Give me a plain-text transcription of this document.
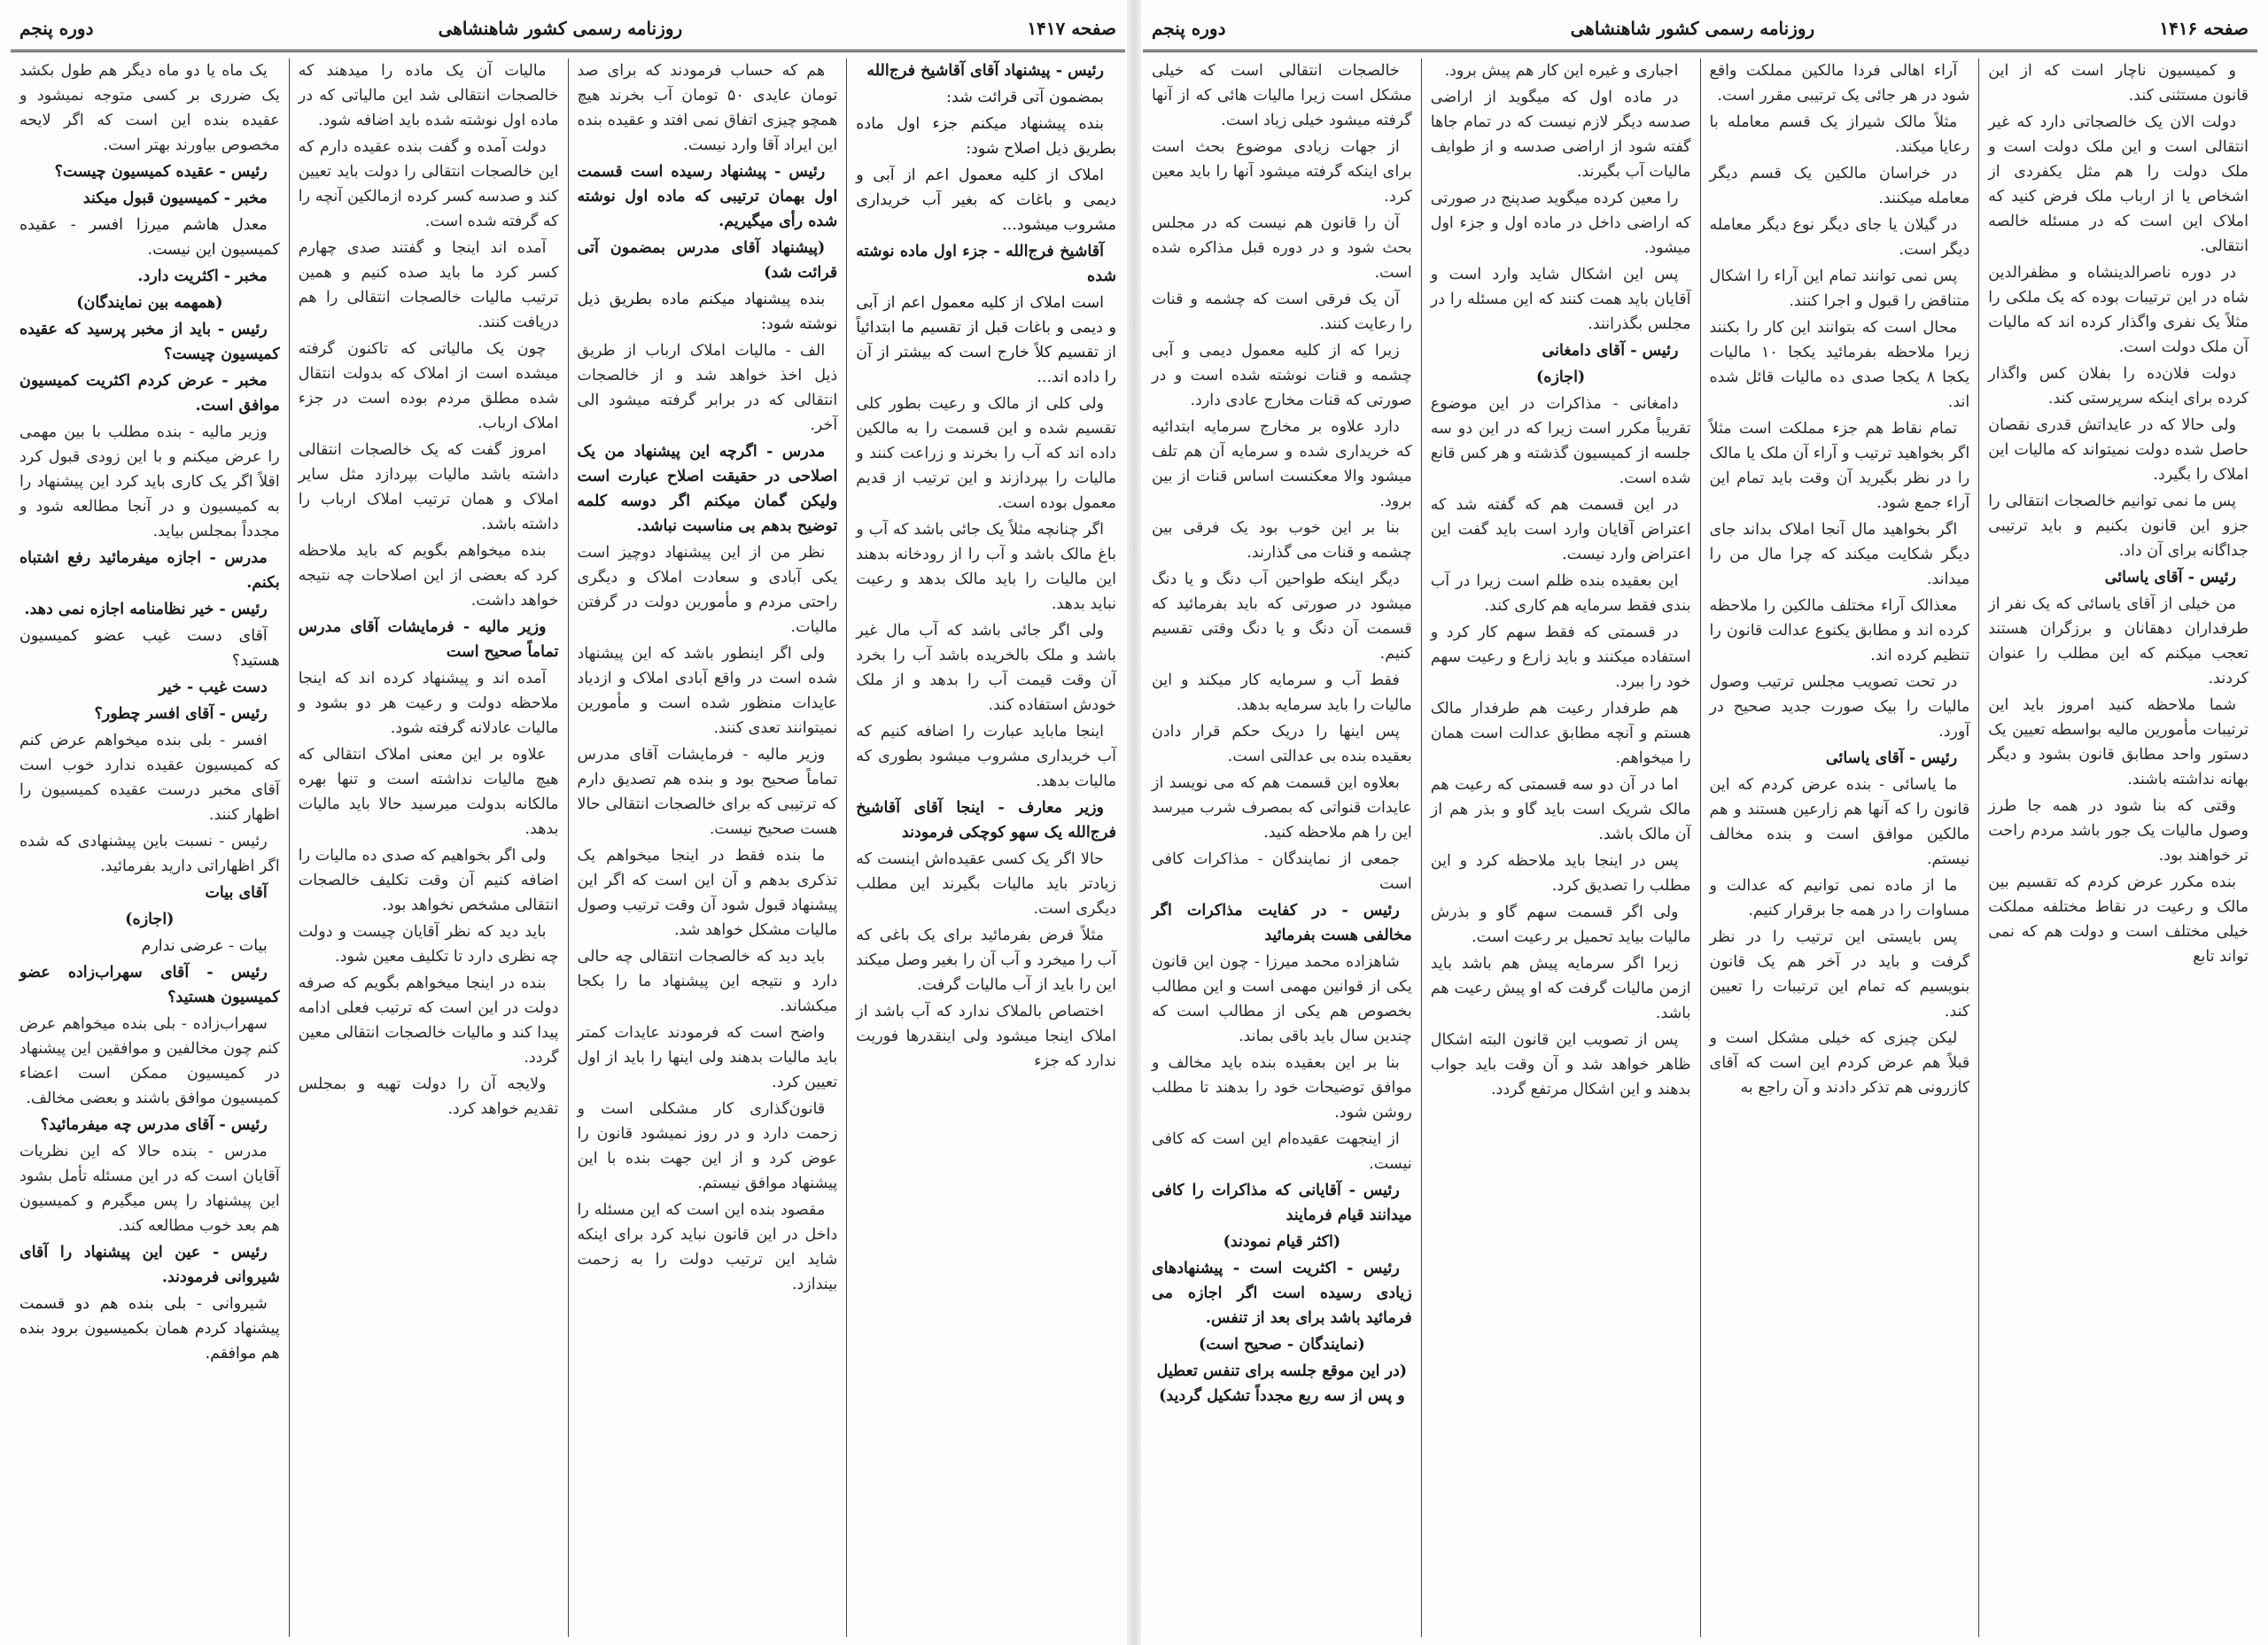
صفحه ۱۴۱۷
روزنامه رسمی کشور شاهنشاهی
دوره پنجم

رئیس - پیشنهاد آقای آقاشیخ فرج‌الله

بمضمون آتی قرائت شد:

بنده پیشنهاد میکنم جزء اول ماده بطریق ذیل اصلاح شود:

املاک از کلیه معمول اعم از آبی و دیمی و باغات که بغیر آب خریداری مشروب میشود...

آقاشیخ فرج‌الله - جزء اول ماده نوشته شده

است املاک از کلیه معمول اعم از آبی و دیمی و باغات قبل از تقسیم ما ابتدائیاً از تقسیم کلاً خارج است که بیشتر از آن را داده اند...

ولی کلی از مالک و رعیت بطور کلی تقسیم شده و این قسمت را به مالکین داده اند که آب را بخرند و زراعت کنند و مالیات را بپردازند و این ترتیب از قدیم معمول بوده است.

اگر چنانچه مثلاً یک جائی باشد که آب و باغ مالک باشد و آب را از رودخانه بدهند این مالیات را باید مالک بدهد و رعیت نباید بدهد.

ولی اگر جائی باشد که آب مال غیر باشد و ملک بالخریده باشد آب را بخرد آن وقت قیمت آب را بدهد و از ملک خودش استفاده کند.

اینجا ماباید عبارت را اضافه کنیم که آب خریداری مشروب میشود بطوری که مالیات بدهد.

وزیر معارف - اینجا آقای آقاشیخ فرج‌الله یک سهو کوچکی فرمودند

حالا اگر یک کسی عقیده‌اش اینست که زیادتر باید مالیات بگیرند این مطلب دیگری است.

مثلاً فرض بفرمائید برای یک باغی که آب را میخرد و آب آن را بغیر وصل میکند این را باید از آب مالیات گرفت.

اختصاص بالملاک ندارد که آب باشد از املاک اینجا میشود ولی اینقدرها فوریت ندارد که جزء

هم که حساب فرمودند که برای صد تومان عایدی ۵۰ تومان آب بخرند هیچ همچو چیزی اتفاق نمی افتد و عقیده بنده این ایراد آقا وارد نیست.

رئیس - پیشنهاد رسیده است قسمت اول بهمان ترتیبی که ماده اول نوشته شده رأی میگیریم.

(پیشنهاد آقای مدرس بمضمون آتی قرائت شد)

بنده پیشنهاد میکنم ماده بطریق ذیل نوشته شود:

الف - مالیات املاک ارباب از طریق ذیل اخذ خواهد شد و از خالصجات انتقالی که در برابر گرفته میشود الی آخر.

مدرس - اگرچه این پیشنهاد من یک اصلاحی در حقیقت اصلاح عبارت است ولیکن گمان میکنم اگر دوسه کلمه توضیح بدهم بی مناسبت نباشد.

نظر من از این پیشنهاد دوچیز است یکی آبادی و سعادت املاک و دیگری راحتی مردم و مأمورین دولت در گرفتن مالیات.

ولی اگر اینطور باشد که این پیشنهاد شده است در واقع آبادی املاک و ازدیاد عایدات منظور شده است و مأمورین نمیتوانند تعدی کنند.

وزیر مالیه - فرمایشات آقای مدرس تماماً صحیح بود و بنده هم تصدیق دارم که ترتیبی که برای خالصجات انتقالی حالا هست صحیح نیست.

ما بنده فقط در اینجا میخواهم یک تذکری بدهم و آن این است که اگر این پیشنهاد قبول شود آن وقت ترتیب وصول مالیات مشکل خواهد شد.

باید دید که خالصجات انتقالی چه حالی دارد و نتیجه این پیشنهاد ما را بکجا میکشاند.

واضح است که فرمودند عایدات کمتر باید مالیات بدهند ولی اینها را باید از اول تعیین کرد.

قانون‌گذاری کار مشکلی است و زحمت دارد و در روز نمیشود قانون را عوض کرد و از این جهت بنده با این پیشنهاد موافق نیستم.

مقصود بنده این است که این مسئله را داخل در این قانون نباید کرد برای اینکه شاید این ترتیب دولت را به زحمت بیندازد.

مالیات آن یک ماده را میدهند که خالصجات انتقالی شد این مالیاتی که در ماده اول نوشته شده باید اضافه شود.

دولت آمده و گفت بنده عقیده دارم که این خالصجات انتقالی را دولت باید تعیین کند و صدسه کسر کرده ازمالکین آنچه را که گرفته شده است.

آمده اند اینجا و گفتند صدی چهارم کسر کرد ما باید صده کنیم و همین ترتیب مالیات خالصجات انتقالی را هم دریافت کنند.

چون یک مالیاتی که تاکنون گرفته میشده است از املاک که بدولت انتقال شده مطلق مردم بوده است در جزء املاک ارباب.

امروز گفت که یک خالصجات انتقالی داشته باشد مالیات بپردازد مثل سایر املاک و همان ترتیب املاک ارباب را داشته باشد.

بنده میخواهم بگویم که باید ملاحظه کرد که بعضی از این اصلاحات چه نتیجه خواهد داشت.

وزیر مالیه - فرمایشات آقای مدرس تماماً صحیح است

آمده اند و پیشنهاد کرده اند که اینجا ملاحظه دولت و رعیت هر دو بشود و مالیات عادلانه گرفته شود.

علاوه بر این معنی املاک انتقالی که هیچ مالیات نداشته است و تنها بهره مالکانه بدولت میرسید حالا باید مالیات بدهد.

ولی اگر بخواهیم که صدی ده مالیات را اضافه کنیم آن وقت تکلیف خالصجات انتقالی مشخص نخواهد بود.

باید دید که نظر آقایان چیست و دولت چه نظری دارد تا تکلیف معین شود.

بنده در اینجا میخواهم بگویم که صرفه دولت در این است که ترتیب فعلی ادامه پیدا کند و مالیات خالصجات انتقالی معین گردد.

ولایجه آن را دولت تهیه و بمجلس تقدیم خواهد کرد.

یک ماه یا دو ماه دیگر هم طول بکشد یک ضرری بر کسی متوجه نمیشود و عقیده بنده این است که اگر لایحه مخصوص بیاورند بهتر است.

رئیس - عقیده کمیسیون چیست؟

مخبر - کمیسیون قبول میکند

معدل هاشم میرزا افسر - عقیده کمیسیون این نیست.

مخبر - اکثریت دارد.

(همهمه بین نمایندگان)

رئیس - باید از مخبر پرسید که عقیده کمیسیون چیست؟

مخبر - عرض کردم اکثریت کمیسیون موافق است.

وزیر مالیه - بنده مطلب با بین مهمی را عرض میکنم و با این زودی قبول کرد اقلاً اگر یک کاری باید کرد این پیشنهاد را به کمیسیون و در آنجا مطالعه شود و مجدداً بمجلس بیاید.

مدرس - اجازه میفرمائید رفع اشتباه بکنم.

رئیس - خیر نظامنامه اجازه نمی دهد.

آقای دست غیب عضو کمیسیون هستید؟

دست غیب - خیر

رئیس - آقای افسر چطور؟

افسر - بلی بنده میخواهم عرض کنم که کمیسیون عقیده ندارد خوب است آقای مخبر درست عقیده کمیسیون را اظهار کنند.

رئیس - نسبت باین پیشنهادی که شده اگر اظهاراتی دارید بفرمائید.

آقای بیات

(اجازه)

بیات - عرضی ندارم

رئیس - آقای سهراب‌زاده عضو کمیسیون هستید؟

سهراب‌زاده - بلی بنده میخواهم عرض کنم چون مخالفین و موافقین این پیشنهاد در کمیسیون ممکن است اعضاء کمیسیون موافق باشند و بعضی مخالف.

رئیس - آقای مدرس چه میفرمائید؟

مدرس - بنده حالا که این نظریات آقایان است که در این مسئله تأمل بشود این پیشنهاد را پس میگیرم و کمیسیون هم بعد خوب مطالعه کند.

رئیس - عین این پیشنهاد را آقای شیروانی فرمودند.

شیروانی - بلی بنده هم دو قسمت پیشنهاد کردم همان بکمیسیون برود بنده هم موافقم.

صفحه ۱۴۱۶
روزنامه رسمی کشور شاهنشاهی
دوره پنجم

و کمیسیون ناچار است که از این قانون مستثنی کند.

دولت الان یک خالصجاتی دارد که غیر انتقالی است و این ملک دولت است و ملک دولت را هم مثل یکفردی از اشخاص یا از ارباب ملک فرض کنید که املاک این است که در مسئله خالصه انتقالی.

در دوره ناصرالدینشاه و مظفرالدین شاه در این ترتیبات بوده که یک ملکی را مثلاً یک نفری واگذار کرده اند که مالیات آن ملک دولت است.

دولت فلان‌ده را بفلان کس واگذار کرده برای اینکه سرپرستی کند.

ولی حالا که در عایداتش قدری نقصان حاصل شده دولت نمیتواند که مالیات این املاک را بگیرد.

پس ما نمی توانیم خالصجات انتقالی را جزو این قانون بکنیم و باید ترتیبی جداگانه برای آن داد.

رئیس - آقای یاسائی

من خیلی از آقای یاسائی که یک نفر از طرفداران دهقانان و برزگران هستند تعجب میکنم که این مطلب را عنوان کردند.

شما ملاحظه کنید امروز باید این ترتیبات مأمورین مالیه بواسطه تعیین یک دستور واحد مطابق قانون بشود و دیگر بهانه نداشته باشند.

وقتی که بنا شود در همه جا طرز وصول مالیات یک جور باشد مردم راحت تر خواهند بود.

بنده مکرر عرض کردم که تقسیم بین مالک و رعیت در نقاط مختلفه مملکت خیلی مختلف است و دولت هم که نمی تواند تابع

آراء اهالی فردا مالکین مملکت واقع شود در هر جائی یک ترتیبی مقرر است.

مثلاً مالک شیراز یک قسم معامله با رعایا میکند.

در خراسان مالکین یک قسم دیگر معامله میکنند.

در گیلان یا جای دیگر نوع دیگر معامله دیگر است.

پس نمی توانند تمام این آراء را اشکال متناقض را قبول و اجرا کنند.

محال است که بتوانند این کار را بکنند زیرا ملاحظه بفرمائید یکجا ۱۰ مالیات یکجا ۸ یکجا صدی ده مالیات قائل شده اند.

تمام نقاط هم جزء مملکت است مثلاً اگر بخواهید ترتیب و آراء آن ملک یا مالک را در نظر بگیرید آن وقت باید تمام این آراء جمع شود.

اگر بخواهید مال آنجا املاک بداند جای دیگر شکایت میکند که چرا مال من را میداند.

معذالک آراء مختلف مالکین را ملاحظه کرده اند و مطابق یکنوع عدالت قانون را تنظیم کرده اند.

در تحت تصویب مجلس ترتیب وصول مالیات را بیک صورت جدید صحیح در آورد.

رئیس - آقای یاسائی

ما یاسائی - بنده عرض کردم که این قانون را که آنها هم زارعین هستند و هم مالکین موافق است و بنده مخالف نیستم.

ما از ماده نمی توانیم که عدالت و مساوات را در همه جا برقرار کنیم.

پس بایستی این ترتیب را در نظر گرفت و باید در آخر هم یک قانون بنویسیم که تمام این ترتیبات را تعیین کند.

لیکن چیزی که خیلی مشکل است و قبلاً هم عرض کردم این است که آقای کازرونی هم تذکر دادند و آن راجع به

اجباری و غیره این کار هم پیش برود.

در ماده اول که میگوید از اراضی صدسه دیگر لازم نیست که در تمام جاها گفته شود از اراضی صدسه و از طوایف مالیات آب بگیرند.

را معین کرده میگوید صدپنج در صورتی که اراضی داخل در ماده اول و جزء اول میشود.

پس این اشکال شاید وارد است و آقایان باید همت کنند که این مسئله را در مجلس بگذرانند.

رئیس - آقای دامغانی

(اجازه)

دامغانی - مذاکرات در این موضوع تقریباً مکرر است زیرا که در این دو سه جلسه از کمیسیون گذشته و هر کس قانع شده است.

در این قسمت هم که گفته شد که اعتراض آقایان وارد است باید گفت این اعتراض وارد نیست.

این بعقیده بنده ظلم است زیرا در آب بندی فقط سرمایه هم کاری کند.

در قسمتی که فقط سهم کار کرد و استفاده میکنند و باید زارع و رعیت سهم خود را ببرد.

هم طرفدار رعیت هم طرفدار مالک هستم و آنچه مطابق عدالت است همان را میخواهم.

اما در آن دو سه قسمتی که رعیت هم مالک شریک است باید گاو و بذر هم از آن مالک باشد.

پس در اینجا باید ملاحظه کرد و این مطلب را تصدیق کرد.

ولی اگر قسمت سهم گاو و بذرش مالیات بیاید تحمیل بر رعیت است.

زیرا اگر سرمایه پیش هم باشد باید ازمن مالیات گرفت که او پیش رعیت هم باشد.

پس از تصویب این قانون البته اشکال ظاهر خواهد شد و آن وقت باید جواب بدهند و این اشکال مرتفع گردد.

خالصجات انتقالی است که خیلی مشکل است زیرا مالیات هائی که از آنها گرفته میشود خیلی زیاد است.

از جهات زیادی موضوع بحث است برای اینکه گرفته میشود آنها را باید معین کرد.

آن را قانون هم نیست که در مجلس بحث شود و در دوره قبل مذاکره شده است.

آن یک فرقی است که چشمه و قنات را رعایت کنند.

زیرا که از کلیه معمول دیمی و آبی چشمه و قنات نوشته شده است و در صورتی که قنات مخارج عادی دارد.

دارد علاوه بر مخارج سرمایه ابتدائیه که خریداری شده و سرمایه آن هم تلف میشود والا معکنست اساس قنات از بین برود.

بنا بر این خوب بود یک فرقی بین چشمه و قنات می گذارند.

دیگر اینکه طواحین آب دنگ و یا دنگ میشود در صورتی که باید بفرمائید که قسمت آن دنگ و یا دنگ وقتی تقسیم کنیم.

فقط آب و سرمایه کار میکند و این مالیات را باید سرمایه بدهد.

پس اینها را دریک حکم قرار دادن بعقیده بنده بی عدالتی است.

بعلاوه این قسمت هم که می نویسد از عایدات قنواتی که بمصرف شرب میرسد این را هم ملاحظه کنید.

جمعی از نمایندگان - مذاکرات کافی است

رئیس - در کفایت مذاکرات اگر مخالفی هست بفرمائید

شاهزاده محمد میرزا - چون این قانون یکی از قوانین مهمی است و این مطالب بخصوص هم یکی از مطالب است که چندین سال باید باقی بماند.

بنا بر این بعقیده بنده باید مخالف و موافق توضیحات خود را بدهند تا مطلب روشن شود.

از اینجهت عقیده‌ام این است که کافی نیست.

رئیس - آقایانی که مذاکرات را کافی میدانند قیام فرمایند

(اکثر قیام نمودند)

رئیس - اکثریت است - پیشنهادهای زیادی رسیده است اگر اجازه می فرمائید باشد برای بعد از تنفس.

(نمایندگان - صحیح است)

(در این موقع جلسه برای تنفس تعطیل و پس از سه ربع مجدداً تشکیل گردید)
